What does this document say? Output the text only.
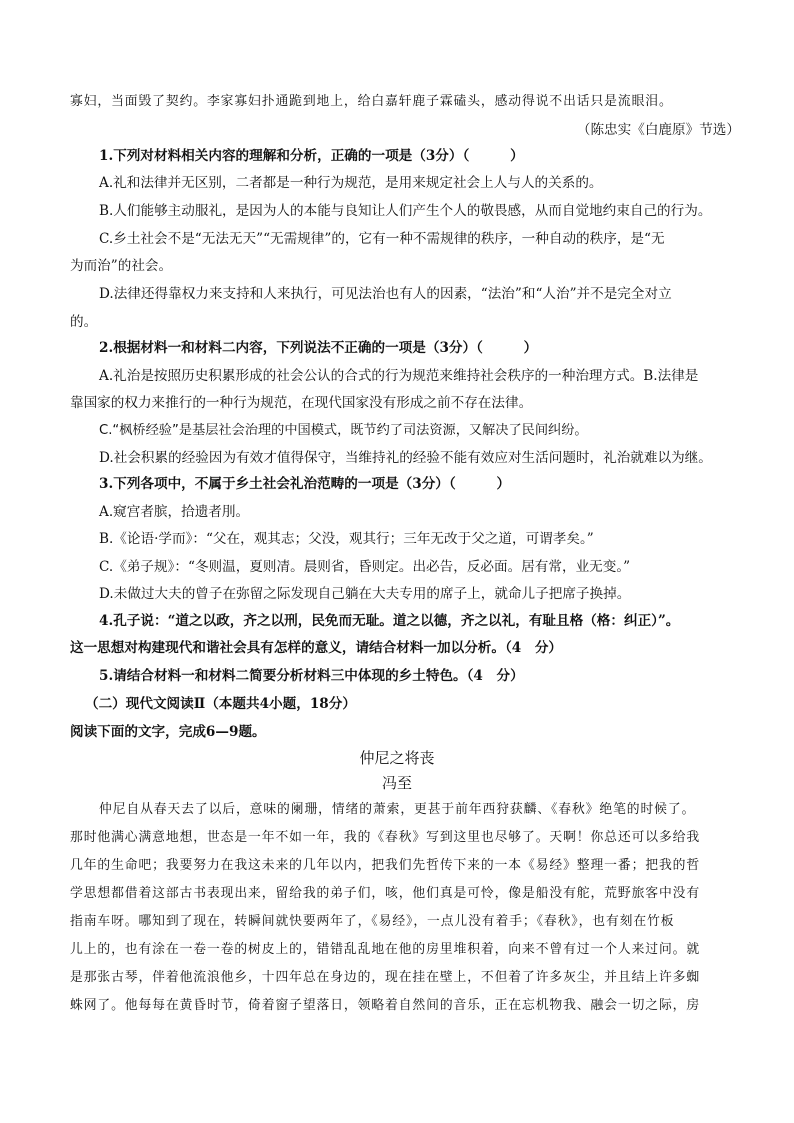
寡妇，当面毁了契约。李家寡妇扑通跪到地上，给白嘉轩鹿子霖磕头，感动得说不出话只是流眼泪。
（陈忠实《白鹿原》节选）
1.下列对材料相关内容的理解和分析，正确的一项是（3分）（　　　）
A.礼和法律并无区别，二者都是一种行为规范，是用来规定社会上人与人的关系的。
B.人们能够主动服礼，是因为人的本能与良知让人们产生个人的敬畏感，从而自觉地约束自己的行为。
C.乡土社会不是“无法无天”“无需规律”的，它有一种不需规律的秩序，一种自动的秩序，是“无
为而治”的社会。
D.法律还得靠权力来支持和人来执行，可见法治也有人的因素，“法治”和“人治”并不是完全对立
的。
2.根据材料一和材料二内容，下列说法不正确的一项是（3分）（　　　）
A.礼治是按照历史积累形成的社会公认的合式的行为规范来维持社会秩序的一种治理方式。B.法律是
靠国家的权力来推行的一种行为规范，在现代国家没有形成之前不存在法律。
C.“枫桥经验”是基层社会治理的中国模式，既节约了司法资源，又解决了民间纠纷。
D.社会积累的经验因为有效才值得保守，当维持礼的经验不能有效应对生活问题时，礼治就难以为继。
3.下列各项中，不属于乡土社会礼治范畴的一项是（3分）（　　　）
A.窥宫者膑，拾遗者刖。
B.《论语·学而》：“父在，观其志；父没，观其行；三年无改于父之道，可谓孝矣。”
C.《弟子规》：“冬则温，夏则凊。晨则省，昏则定。出必告，反必面。居有常，业无变。”
D.未做过大夫的曾子在弥留之际发现自己躺在大夫专用的席子上，就命儿子把席子换掉。
4.孔子说：“道之以政，齐之以刑，民免而无耻。道之以德，齐之以礼，有耻且格（格：纠正）”。
这一思想对构建现代和谐社会具有怎样的意义，请结合材料一加以分析。（4　分）
5.请结合材料一和材料二简要分析材料三中体现的乡土特色。（4　分）
（二）现代文阅读Ⅱ（本题共4小题，18分）
阅读下面的文字，完成6—9题。
仲尼之将丧
冯至
仲尼自从春天去了以后，意味的阑珊，情绪的萧索，更甚于前年西狩获麟、《春秋》绝笔的时候了。
那时他满心满意地想，世态是一年不如一年，我的《春秋》写到这里也尽够了。天啊！你总还可以多给我
几年的生命吧；我要努力在我这未来的几年以内，把我们先哲传下来的一本《易经》整理一番；把我的哲
学思想都借着这部古书表现出来，留给我的弟子们，咳，他们真是可怜，像是船没有舵，荒野旅客中没有
指南车呀。哪知到了现在，转瞬间就快要两年了，《易经》，一点儿没有着手；《春秋》，也有刻在竹板
儿上的，也有涂在一卷一卷的树皮上的，错错乱乱地在他的房里堆积着，向来不曾有过一个人来过问。就
是那张古琴，伴着他流浪他乡，十四年总在身边的，现在挂在壁上，不但着了许多灰尘，并且结上许多蜘
蛛网了。他每每在黄昏时节，倚着窗子望落日，领略着自然间的音乐，正在忘机物我、融会一切之际，房
